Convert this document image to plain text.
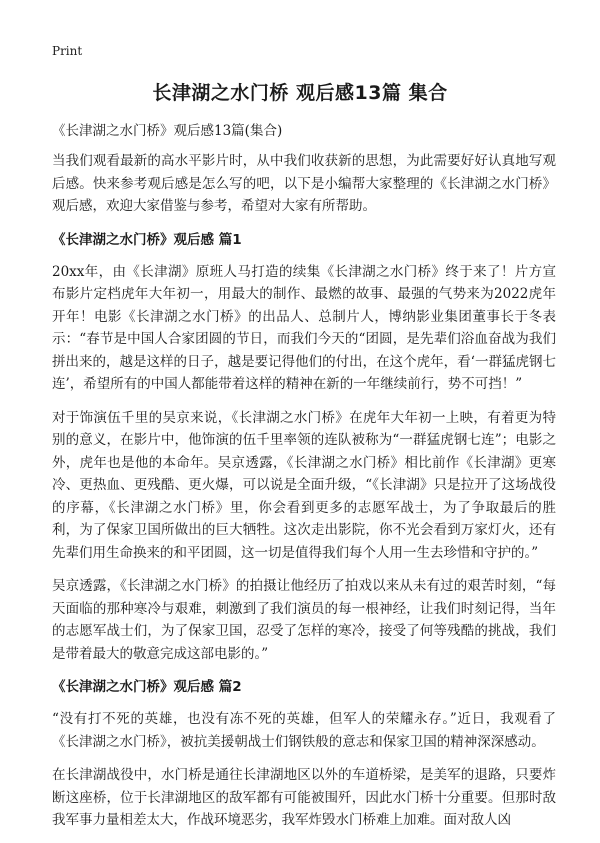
Print
长津湖之水门桥 观后感13篇 集合

《长津湖之水门桥》观后感13篇(集合)

当我们观看最新的高水平影片时，从中我们收获新的思想，为此需要好好认真地写观后感。快来参考观后感是怎么写的吧，以下是小编帮大家整理的《长津湖之水门桥》观后感，欢迎大家借鉴与参考，希望对大家有所帮助。

《长津湖之水门桥》观后感 篇1

20xx年，由《长津湖》原班人马打造的续集《长津湖之水门桥》终于来了！片方宣布影片定档虎年大年初一，用最大的制作、最燃的故事、最强的气势来为2022虎年开年！电影《长津湖之水门桥》的出品人、总制片人，博纳影业集团董事长于冬表示：“春节是中国人合家团圆的节日，而我们今天的“团圆，是先辈们浴血奋战为我们拼出来的，越是这样的日子，越是要记得他们的付出，在这个虎年，看‘一群猛虎钢七连’，希望所有的中国人都能带着这样的精神在新的一年继续前行，势不可挡！”

对于饰演伍千里的吴京来说，《长津湖之水门桥》在虎年大年初一上映，有着更为特别的意义，在影片中，他饰演的伍千里率领的连队被称为“一群猛虎钢七连”；电影之外，虎年也是他的本命年。吴京透露，《长津湖之水门桥》相比前作《长津湖》更寒冷、更热血、更残酷、更火爆，可以说是全面升级，“《长津湖》只是拉开了这场战役的序幕，《长津湖之水门桥》里，你会看到更多的志愿军战士，为了争取最后的胜利，为了保家卫国所做出的巨大牺牲。这次走出影院，你不光会看到万家灯火，还有先辈们用生命换来的和平团圆，这一切是值得我们每个人用一生去珍惜和守护的。”

吴京透露，《长津湖之水门桥》的拍摄让他经历了拍戏以来从未有过的艰苦时刻，“每天面临的那种寒冷与艰难，刺激到了我们演员的每一根神经，让我们时刻记得，当年的志愿军战士们，为了保家卫国，忍受了怎样的寒冷，接受了何等残酷的挑战，我们是带着最大的敬意完成这部电影的。”

《长津湖之水门桥》观后感 篇2

“没有打不死的英雄，也没有冻不死的英雄，但军人的荣耀永存。”近日，我观看了《长津湖之水门桥》，被抗美援朝战士们钢铁般的意志和保家卫国的精神深深感动。

在长津湖战役中，水门桥是通往长津湖地区以外的车道桥梁，是美军的退路，只要炸断这座桥，位于长津湖地区的敌军都有可能被围歼，因此水门桥十分重要。但那时敌我军事力量相差太大，作战环境恶劣，我军炸毁水门桥难上加难。面对敌人凶
